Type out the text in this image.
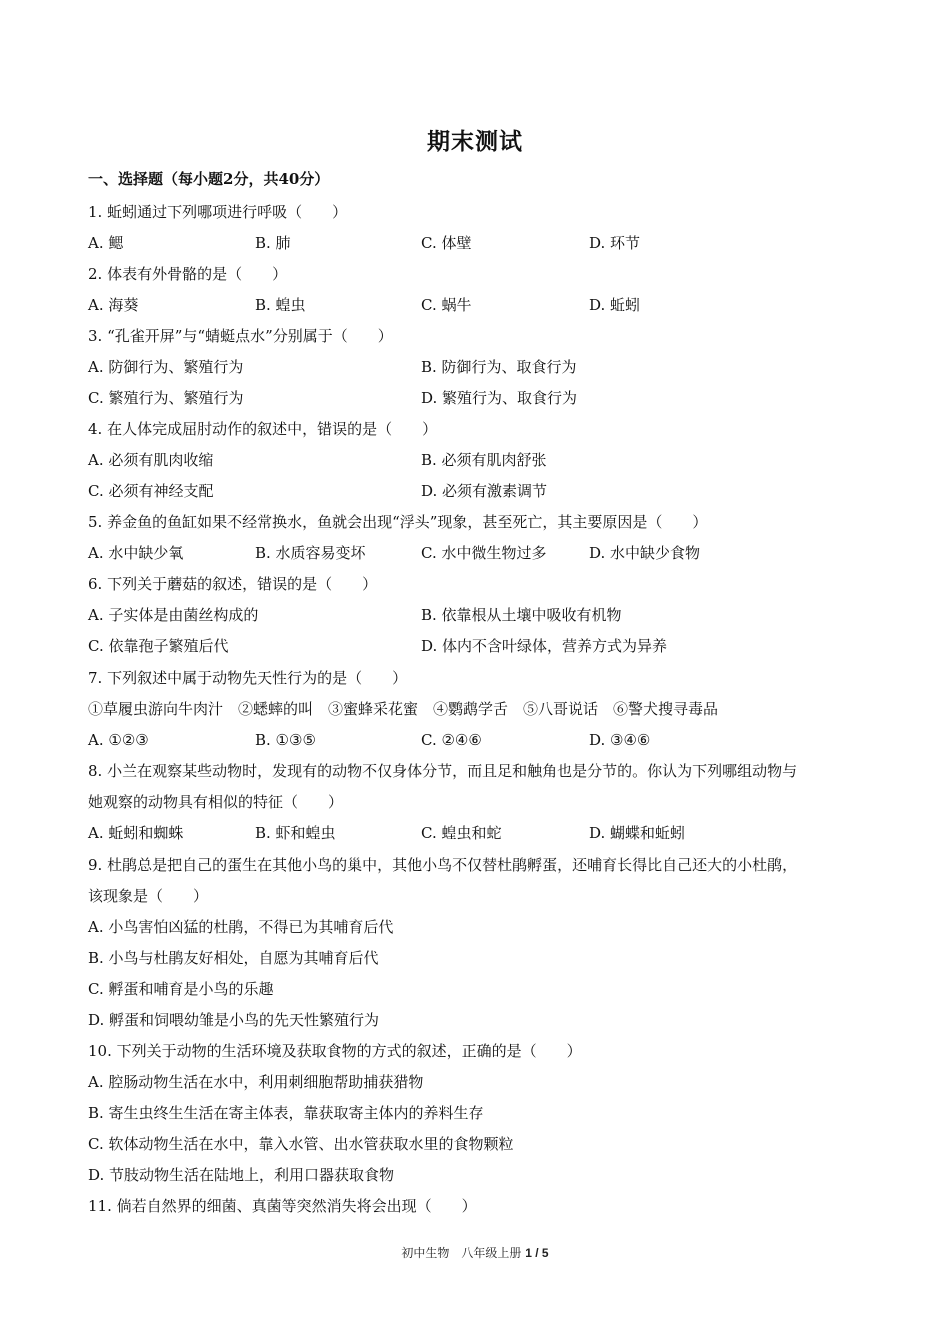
期末测试
一、选择题（每小题2分，共40分）
1. 蚯蚓通过下列哪项进行呼吸（　　）
A. 鳃	B. 肺	C. 体壁	D. 环节
2. 体表有外骨骼的是（　　）
A. 海葵	B. 蝗虫	C. 蜗牛	D. 蚯蚓
3. “孔雀开屏”与“蜻蜓点水”分别属于（　　）
A. 防御行为、繁殖行为	B. 防御行为、取食行为
C. 繁殖行为、繁殖行为	D. 繁殖行为、取食行为
4. 在人体完成屈肘动作的叙述中，错误的是（　　）
A. 必须有肌肉收缩	B. 必须有肌肉舒张
C. 必须有神经支配	D. 必须有激素调节
5. 养金鱼的鱼缸如果不经常换水，鱼就会出现“浮头”现象，甚至死亡，其主要原因是（　　）
A. 水中缺少氧	B. 水质容易变坏	C. 水中微生物过多	D. 水中缺少食物
6. 下列关于蘑菇的叙述，错误的是（　　）
A. 子实体是由菌丝构成的	B. 依靠根从土壤中吸收有机物
C. 依靠孢子繁殖后代	D. 体内不含叶绿体，营养方式为异养
7. 下列叙述中属于动物先天性行为的是（　　）
①草履虫游向牛肉汁　②蟋蟀的叫　③蜜蜂采花蜜　④鹦鹉学舌　⑤八哥说话　⑥警犬搜寻毒品
A. ①②③	B. ①③⑤	C. ②④⑥	D. ③④⑥
8. 小兰在观察某些动物时，发现有的动物不仅身体分节，而且足和触角也是分节的。你认为下列哪组动物与
她观察的动物具有相似的特征（　　）
A. 蚯蚓和蜘蛛	B. 虾和蝗虫	C. 蝗虫和蛇	D. 蝴蝶和蚯蚓
9. 杜鹃总是把自己的蛋生在其他小鸟的巢中，其他小鸟不仅替杜鹃孵蛋，还哺育长得比自己还大的小杜鹃，
该现象是（　　）
A. 小鸟害怕凶猛的杜鹃，不得已为其哺育后代
B. 小鸟与杜鹃友好相处，自愿为其哺育后代
C. 孵蛋和哺育是小鸟的乐趣
D. 孵蛋和饲喂幼雏是小鸟的先天性繁殖行为
10. 下列关于动物的生活环境及获取食物的方式的叙述，正确的是（　　）
A. 腔肠动物生活在水中，利用刺细胞帮助捕获猎物
B. 寄生虫终生生活在寄主体表，靠获取寄主体内的养料生存
C. 软体动物生活在水中，靠入水管、出水管获取水里的食物颗粒
D. 节肢动物生活在陆地上，利用口器获取食物
11. 倘若自然界的细菌、真菌等突然消失将会出现（　　）
初中生物　八年级上册 1 / 5
